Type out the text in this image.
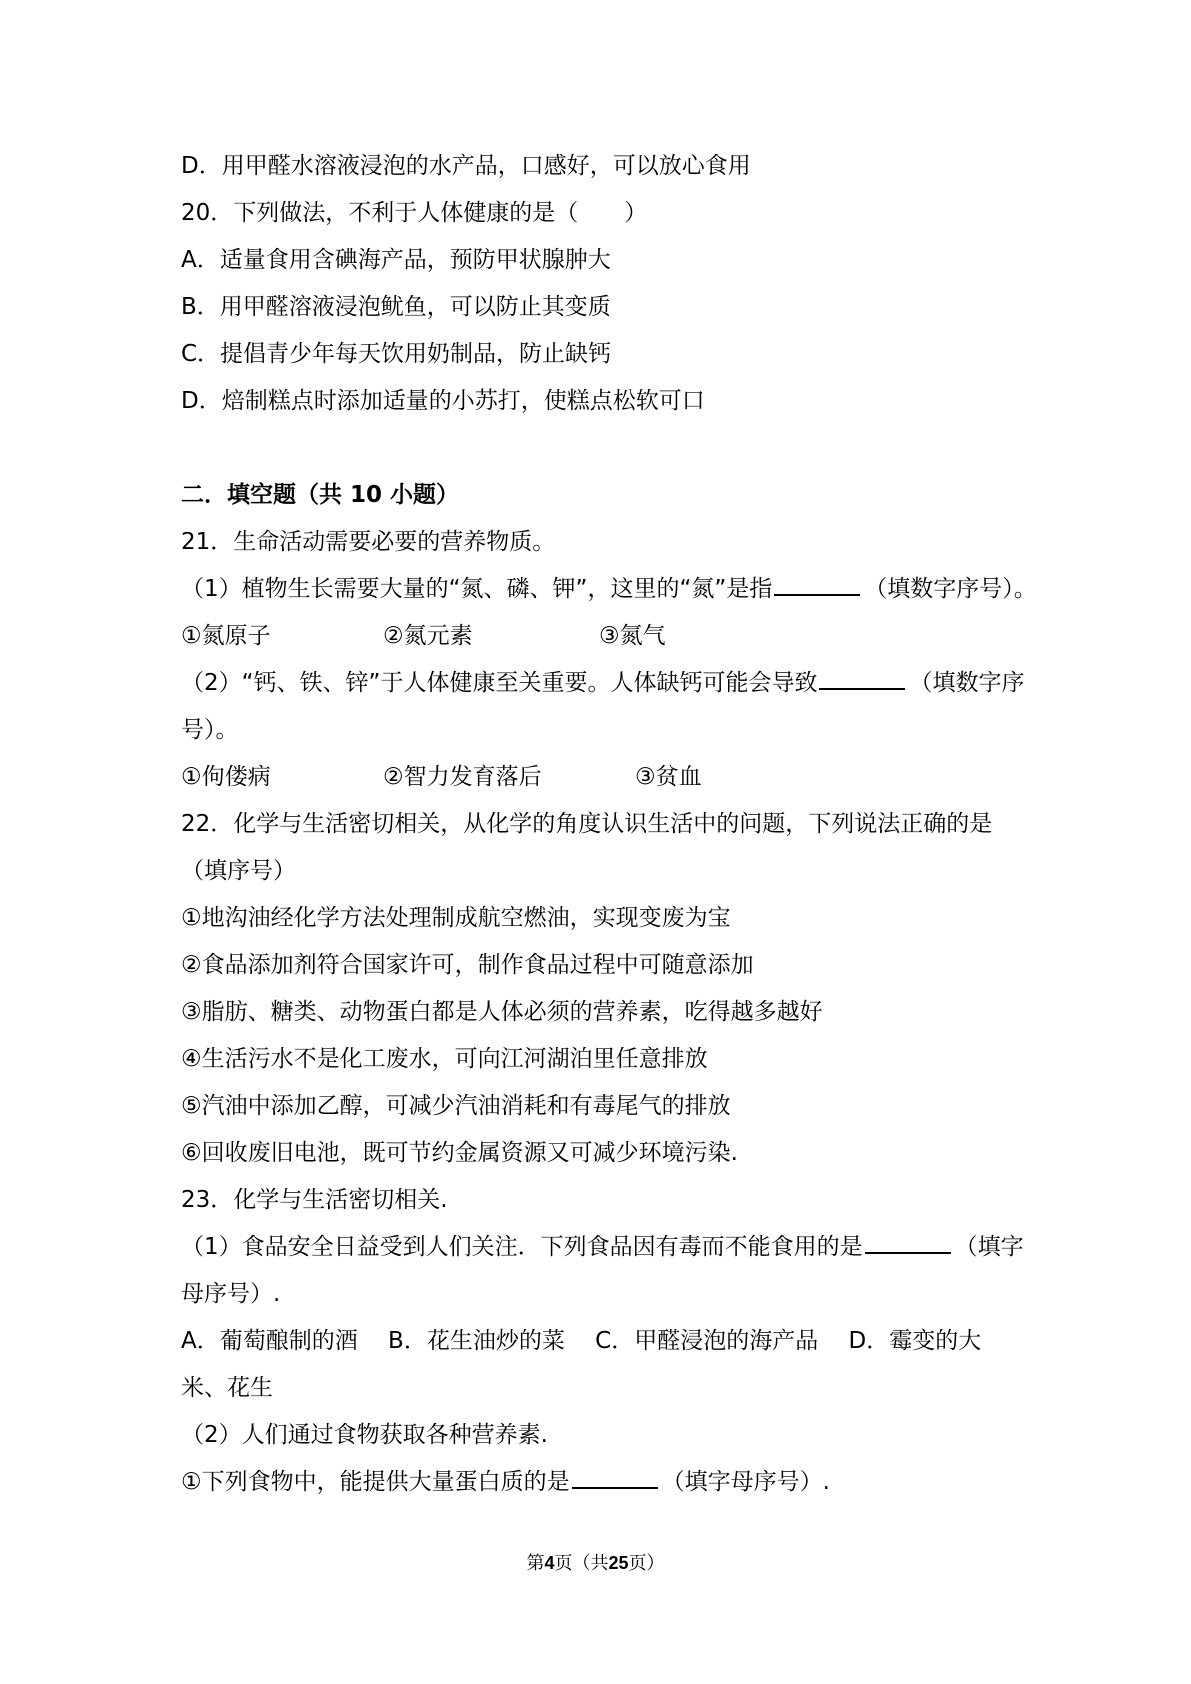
D．用甲醛水溶液浸泡的水产品，口感好，可以放心食用
20．下列做法，不利于人体健康的是（　　）
A．适量食用含碘海产品，预防甲状腺肿大
B．用甲醛溶液浸泡鱿鱼，可以防止其变质
C．提倡青少年每天饮用奶制品，防止缺钙
D．焙制糕点时添加适量的小苏打，使糕点松软可口
二．填空题（共 10 小题）
21．生命活动需要必要的营养物质。
（1）植物生长需要大量的“氮、磷、钾”，这里的“氮”是指	（填数字序号）。
①氮原子	②氮元素	③氮气
（2）“钙、铁、锌”于人体健康至关重要。人体缺钙可能会导致	（填数字序号）。
①佝偻病	②智力发育落后	③贫血
22．化学与生活密切相关，从化学的角度认识生活中的问题，下列说法正确的是（填序号）
①地沟油经化学方法处理制成航空燃油，实现变废为宝
②食品添加剂符合国家许可，制作食品过程中可随意添加
③脂肪、糖类、动物蛋白都是人体必须的营养素，吃得越多越好
④生活污水不是化工废水，可向江河湖泊里任意排放
⑤汽油中添加乙醇，可减少汽油消耗和有毒尾气的排放
⑥回收废旧电池，既可节约金属资源又可减少环境污染.
23．化学与生活密切相关.
（1）食品安全日益受到人们关注．下列食品因有毒而不能食用的是	（填字母序号）.
A．葡萄酿制的酒　 B．花生油炒的菜　 C．甲醛浸泡的海产品　 D．霉变的大米、花生
（2）人们通过食物获取各种营养素.
①下列食物中，能提供大量蛋白质的是	（填字母序号）.
第4页（共25页）
